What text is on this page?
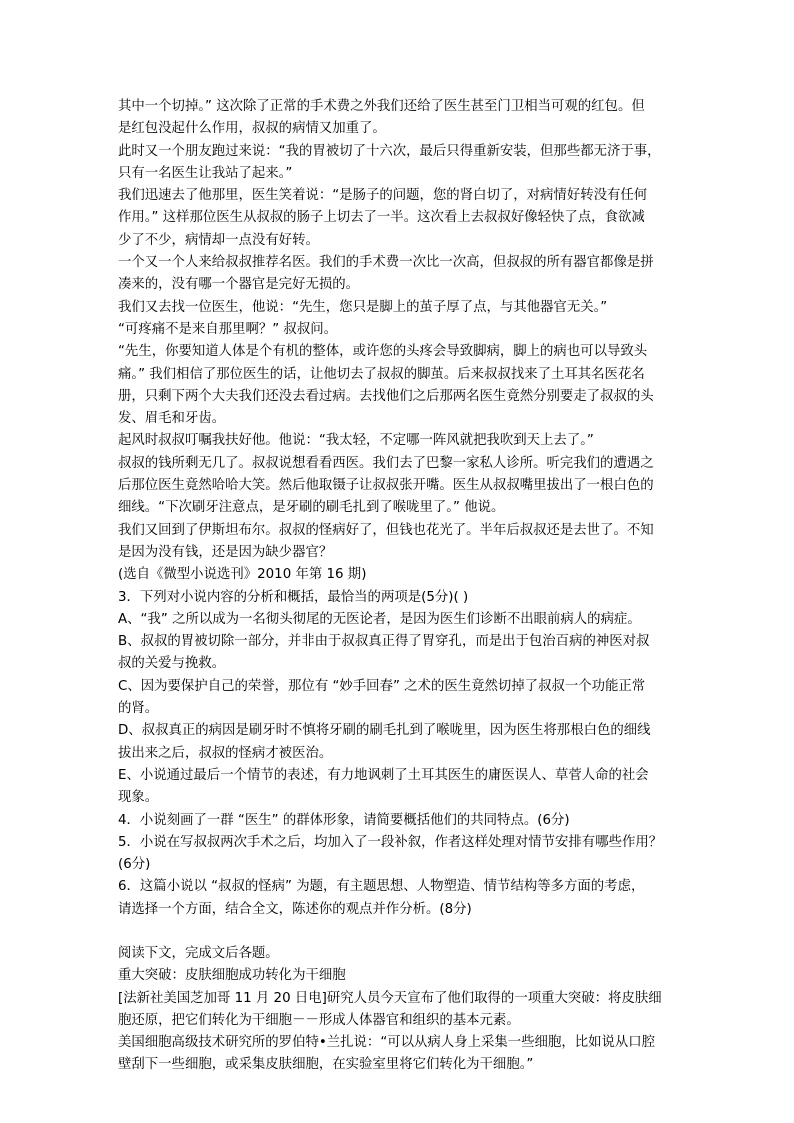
其中一个切掉。” 这次除了正常的手术费之外我们还给了医生甚至门卫相当可观的红包。但

是红包没起什么作用，叔叔的病情又加重了。

此时又一个朋友跑过来说：“我的胃被切了十六次，最后只得重新安装，但那些都无济于事，

只有一名医生让我站了起来。”

我们迅速去了他那里，医生笑着说：“是肠子的问题，您的肾白切了，对病情好转没有任何

作用。” 这样那位医生从叔叔的肠子上切去了一半。这次看上去叔叔好像轻快了点，食欲减

少了不少，病情却一点没有好转。

一个又一个人来给叔叔推荐名医。我们的手术费一次比一次高，但叔叔的所有器官都像是拼

凑来的，没有哪一个器官是完好无损的。

我们又去找一位医生，他说：“先生，您只是脚上的茧子厚了点，与其他器官无关。”

“可疼痛不是来自那里啊？” 叔叔问。

“先生，你要知道人体是个有机的整体，或许您的头疼会导致脚病，脚上的病也可以导致头

痛。” 我们相信了那位医生的话，让他切去了叔叔的脚茧。后来叔叔找来了土耳其名医花名

册，只剩下两个大夫我们还没去看过病。去找他们之后那两名医生竟然分别要走了叔叔的头

发、眉毛和牙齿。

起风时叔叔叮嘱我扶好他。他说：“我太轻，不定哪一阵风就把我吹到天上去了。”

叔叔的钱所剩无几了。叔叔说想看看西医。我们去了巴黎一家私人诊所。听完我们的遭遇之

后那位医生竟然哈哈大笑。然后他取镊子让叔叔张开嘴。医生从叔叔嘴里拔出了一根白色的

细线。“下次刷牙注意点，是牙刷的刷毛扎到了喉咙里了。” 他说。

我们又回到了伊斯坦布尔。叔叔的怪病好了，但钱也花光了。半年后叔叔还是去世了。不知

是因为没有钱，还是因为缺少器官？

(选自《微型小说选刊》2010 年第 16 期)

3．下列对小说内容的分析和概括，最恰当的两项是(5分)( )

A、“我” 之所以成为一名彻头彻尾的无医论者，是因为医生们诊断不出眼前病人的病症。

B、叔叔的胃被切除一部分，并非由于叔叔真正得了胃穿孔，而是出于包治百病的神医对叔

叔的关爱与挽救。

C、因为要保护自己的荣誉，那位有 “妙手回春” 之术的医生竟然切掉了叔叔一个功能正常

的肾。

D、叔叔真正的病因是刷牙时不慎将牙刷的刷毛扎到了喉咙里，因为医生将那根白色的细线

拔出来之后，叔叔的怪病才被医治。

E、小说通过最后一个情节的表述，有力地讽刺了土耳其医生的庸医误人、草菅人命的社会

现象。

4．小说刻画了一群 “医生” 的群体形象，请简要概括他们的共同特点。(6分)

5．小说在写叔叔两次手术之后，均加入了一段补叙，作者这样处理对情节安排有哪些作用？

(6分)

6．这篇小说以 “叔叔的怪病” 为题，有主题思想、人物塑造、情节结构等多方面的考虑，

请选择一个方面，结合全文，陈述你的观点并作分析。(8分)

阅读下文，完成文后各题。

重大突破：皮肤细胞成功转化为干细胞

[法新社美国芝加哥 11 月 20 日电]研究人员今天宣布了他们取得的一项重大突破：将皮肤细

胞还原，把它们转化为干细胞－－形成人体器官和组织的基本元素。

美国细胞高级技术研究所的罗伯特•兰扎说：“可以从病人身上采集一些细胞，比如说从口腔

壁刮下一些细胞，或采集皮肤细胞，在实验室里将它们转化为干细胞。”
